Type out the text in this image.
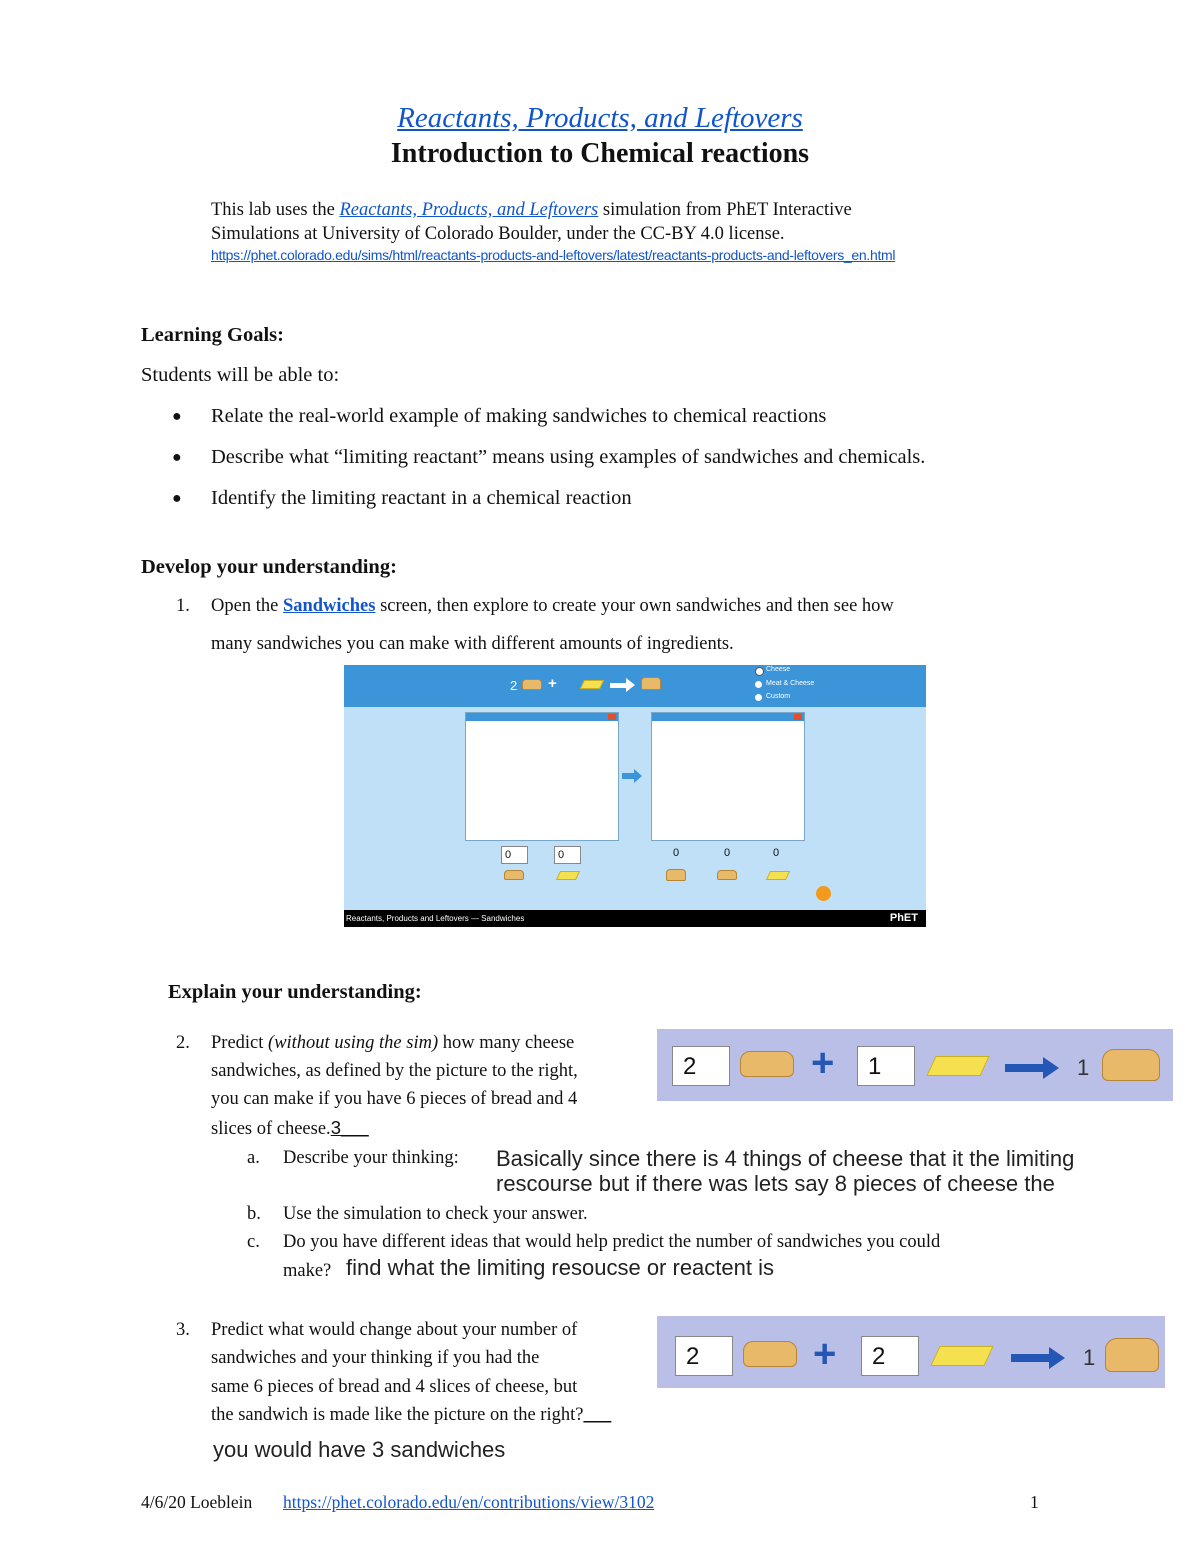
Reactants, Products, and Leftovers
Introduction to Chemical reactions
This lab uses the Reactants, Products, and Leftovers simulation from PhET Interactive
Simulations at University of Colorado Boulder, under the CC-BY 4.0 license.
https://phet.colorado.edu/sims/html/reactants-products-and-leftovers/latest/reactants-products-and-leftovers_en.html
Learning Goals:
Students will be able to:
● Relate the real-world example of making sandwiches to chemical reactions
● Describe what “limiting reactant” means using examples of sandwiches and chemicals.
● Identify the limiting reactant in a chemical reaction
Develop your understanding:
1. Open the Sandwiches screen, then explore to create your own sandwiches and then see how
many sandwiches you can make with different amounts of ingredients.
2 +
Cheese
Meat & Cheese
Custom
0	0	0	0	0
Reactants, Products and Leftovers — Sandwiches	PhET
Explain your understanding:
2. Predict (without using the sim) how many cheese
sandwiches, as defined by the picture to the right,
you can make if you have 6 pieces of bread and 4
slices of cheese.3___
2	+	1	1
a. Describe your thinking: Basically since there is 4 things of cheese that it the limiting
rescourse but if there was lets say 8 pieces of cheese the
b. Use the simulation to check your answer.
c. Do you have different ideas that would help predict the number of sandwiches you could
make? find what the limiting resoucse or reactent is
3. Predict what would change about your number of
sandwiches and your thinking if you had the
same 6 pieces of bread and 4 slices of cheese, but
the sandwich is made like the picture on the right?___
you would have 3 sandwiches
2	+	2	1
4/6/20 Loeblein https://phet.colorado.edu/en/contributions/view/3102	1
